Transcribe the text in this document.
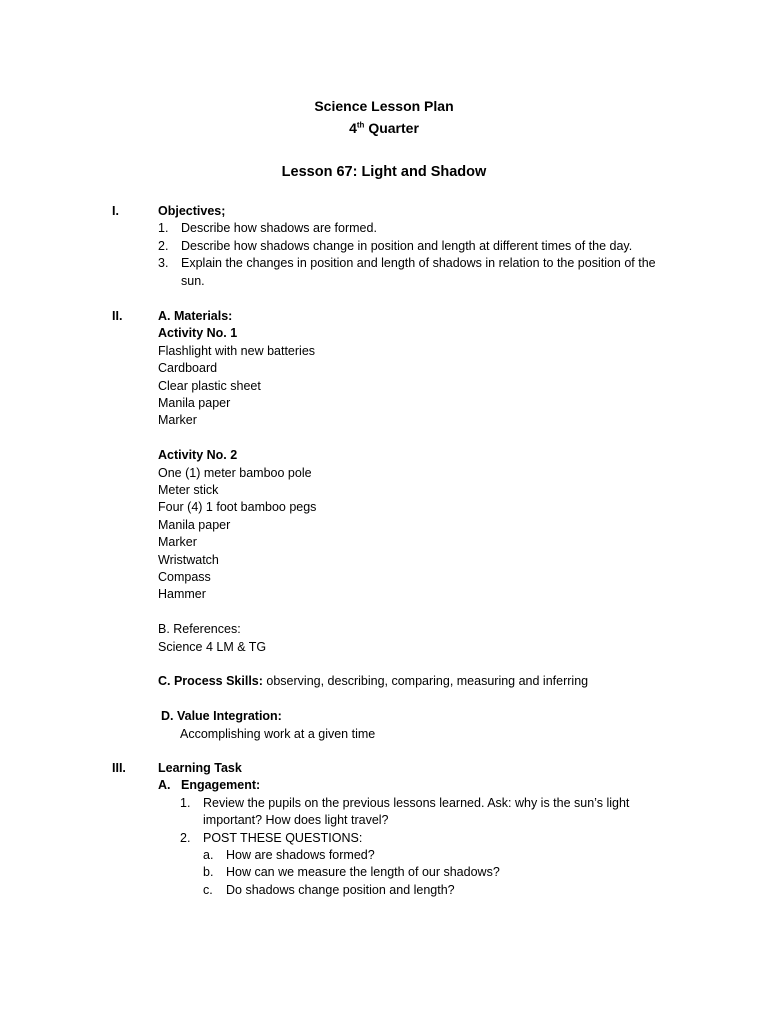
Science Lesson Plan
4th Quarter
Lesson 67: Light and Shadow
I.	Objectives;
1. Describe how shadows are formed.
2. Describe how shadows change in position and length at different times of the day.
3. Explain the changes in position and length of shadows in relation to the position of the
sun.
II.	A. Materials:
Activity No. 1
Flashlight with new batteries
Cardboard
Clear plastic sheet
Manila paper
Marker
Activity No. 2
One (1) meter bamboo pole
Meter stick
Four (4) 1 foot bamboo pegs
Manila paper
Marker
Wristwatch
Compass
Hammer
B. References:
Science 4 LM & TG
C. Process Skills: observing, describing, comparing, measuring and inferring
D. Value Integration:
Accomplishing work at a given time
III.	Learning Task
A. Engagement:
1. Review the pupils on the previous lessons learned. Ask: why is the sun’s light
important? How does light travel?
2. POST THESE QUESTIONS:
a. How are shadows formed?
b. How can we measure the length of our shadows?
c. Do shadows change position and length?
